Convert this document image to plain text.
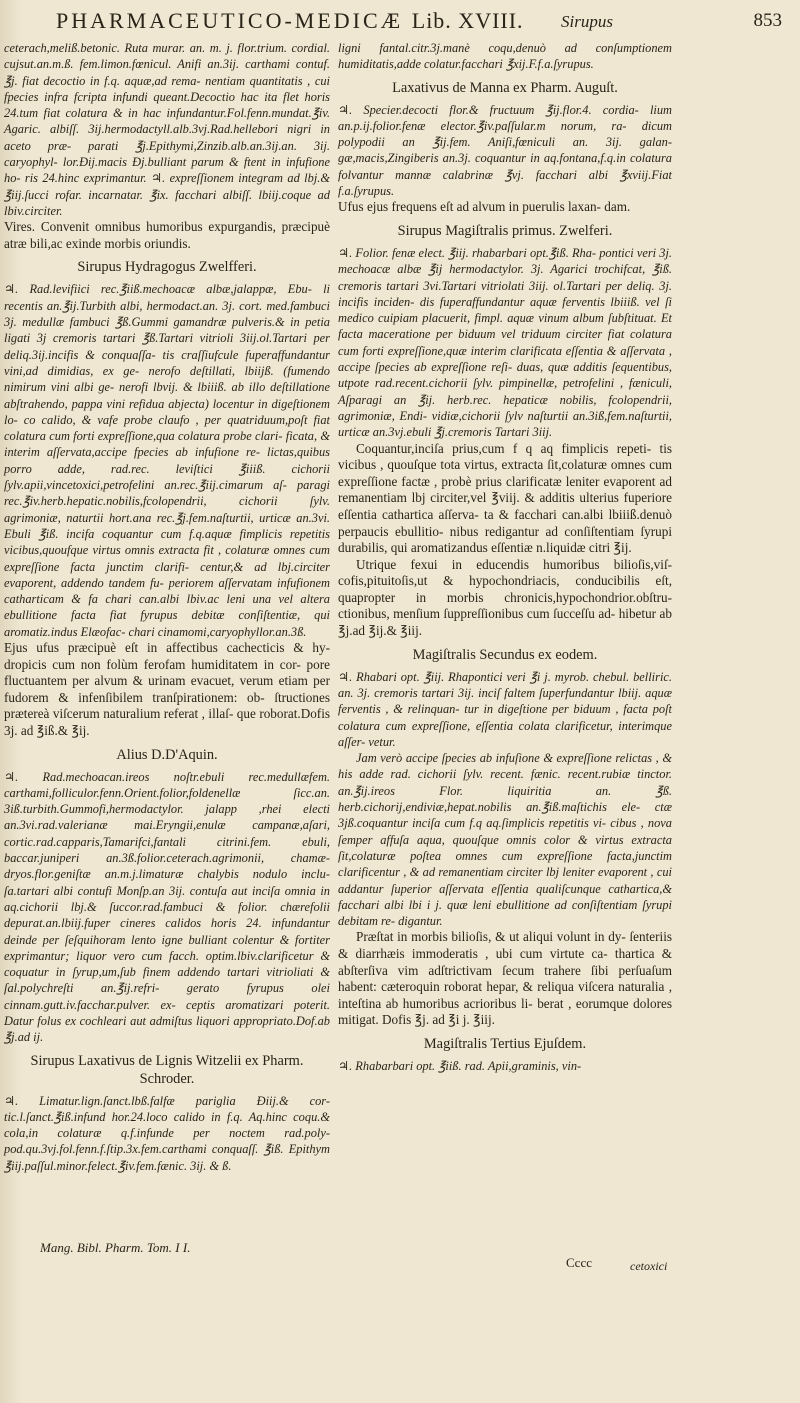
PHARMACEUTICO-MEDICÆ Lib. XVIII. Sirupus	853

ceterach,meliß.betonic. Ruta murar. an. m. j. flor.trium. cordial. cujsut.an.m.ß. fem.limon.fœnicul. Anifi an.3ij. carthami contuf. ℥j. fiat decoctio in f.q. aquæ,ad rema- nentiam quantitatis , cui fpecies infra fcripta infundi queant.Decoctio hac ita flet horis 24.tum fiat colatura & in hac infundantur.Fol.fenn.mundat.℥iv. Agaric. albiſſ. 3ij.hermodactyll.alb.3vj.Rad.hellebori nigri in aceto præ- parati ℥j.Epithymi,Zinzib.alb.an.3ij.an. 3ij. caryophyl- lor.Ðij.macis Ðj.bulliant parum & ftent in infufione ho- ris 24.hinc exprimantur. ♃. expreſſionem integram ad lbj.& ℥iij.ſucci rofar. incarnatar. ℥ix. facchari albiſſ. lbiij.coque ad lbiv.circiter.

Vires. Convenit omnibus humoribus expurgandis, præcipuè atræ bili,ac exinde morbis oriundis.

Sirupus Hydragogus Zwelfferi.

♃. Rad.levifiici rec.℥iiß.mechoacæ albæ,jalappæ, Ebu- li recentis an.℥ij.Turbith albi, hermodact.an. 3j. cort. med.fambuci 3j. medullæ fambuci ℥ß.Gummi gamandræ pulveris.& in petia ligati 3j cremoris tartari ℥ß.Tartari vitrioli 3iij.ol.Tartari per deliq.3ij.incifis & conquaſſa- tis craſſiufcule fuperaffundantur vini,ad dimidias, ex ge- nerofo deſtillati, lbiijß. (fumendo nimirum vini albi ge- nerofi lbvij. & lbiiiß. ab illo deſtillatione abſtrahendo, pappa vini refidua abjecta) locentur in digeſtionem lo- co calido, & vafe probe claufo , per quatriduum,poſt fiat colatura cum forti expreſſione,qua colatura probe clari- ficata, & interim aſſervata,accipe fpecies ab infufione re- lictas,quibus porro adde, rad.rec. leviſtici ℥iiiß. cichorii ſylv.apii,vincetoxici,petrofelini an.rec.℥iij.cimarum aſ- paragi rec.℥iv.herb.hepatic.nobilis,fcolopendrii, cichorii ſylv. agrimoniæ, naturtii hort.ana rec.℥j.fem.naſturtii, urticæ an.3vi. Ebuli ℥iß. incifa coquantur cum f.q.aquæ fimplicis repetitis vicibus,quoufque virtus omnis extracta fit , colaturæ omnes cum expreſſione facta junctim clarifi- centur,& ad lbj.circiter evaporent, addendo tandem fu- periorem aſſervatam infufionem catharticam & fa chari can.albi lbiv.ac leni una vel altera ebullitione facta fiat fyrupus debitæ conſiſtentiæ, qui aromatiz.indus Elæofac- chari cinamomi,caryophyllor.an.3ß.

Ejus ufus præcipuè eſt in affectibus cachecticis & hy- dropicis cum non folùm ferofam humiditatem in cor- pore fluctuantem per alvum & urinam evacuet, verum etiam per fudorem & infenſibilem tranſpirationem: ob- ſtructiones prætereà viſcerum naturalium referat , illaſ- que roborat.Dofis 3j. ad ℥iß.& ℥ij.

Alius D.D'Aquin.

♃. Rad.mechoacan.ireos noſtr.ebuli rec.medullæfem. carthami,folliculor.fenn.Orient.folior,foldenellæ ſicc.an. 3iß.turbith.Gummofi,hermodactylor. jalapp ,rhei electi an.3vi.rad.valerianæ mai.Eryngii,enulæ campanæ,aſari, cortic.rad.capparis,Tamarifci,fantali citrini.fem. ebuli, baccar.juniperi an.3ß.folior.ceterach.agrimonii, chamæ- dryos.flor.geniſtæ an.m.j.limaturæ chalybis nodulo inclu- ſa.tartari albi contufi Monſp.an 3ij. contuſa aut inciſa omnia in aq.cichorii lbj.& ſuccor.rad.fambuci & folior. chærefolii depurat.an.lbiij.fuper cineres calidos horis 24. infundantur deinde per ſeſquihoram lento igne bulliant colentur & fortiter exprimantur; liquor vero cum facch. optim.lbiv.clarificetur & coquatur in ſyrup,um,ſub finem addendo tartari vitrioliati & ſal.polychreſti an.℥ij.refri- gerato fyrupus olei cinnam.gutt.iv.facchar.pulver. ex- ceptis aromatizari poterit. Datur folus ex cochleari aut admiſtus liquori appropriato.Dof.ab ℥j.ad ij.

Sirupus Laxativus de Lignis Witzelii ex Pharm. Schroder.

♃. Limatur.lign.ſanct.lbß.falfæ pariglia Ðiij.& cor- tic.l.ſanct.℥iß.infund hor.24.loco calido in f.q. Aq.hinc coqu.& cola,in colaturæ q.f.infunde per noctem rad.poly- pod.qu.3vj.fol.fenn.f.ſtip.3x.fem.carthami conquaſſ. ℥iß. Epithym ℥iij.paſſul.minor.felect.℥iv.fem.fænic. 3ij. & ß.

ligni fantal.citr.3j.manè coqu,denuò ad conſumptionem humiditatis,adde colatur.facchari ℥xij.F.f.a.ſyrupus.

Laxativus de Manna ex Pharm. Auguſt.

♃. Specier.decocti flor.& fructuum ℥ij.flor.4. cordia- lium an.p.ij.folior.fenæ elector.℥iv.paſſular.m norum, ra- dicum polypodii an ℥ij.fem. Aniſi,fœniculi an. 3ij. galan- gæ,macis,Zingiberis an.3j. coquantur in aq.fontana,f.q.in colatura folvantur mannæ calabrinæ ℥vj. facchari albi ℥xviij.Fiat f.a.ſyrupus.

Ufus ejus frequens eſt ad alvum in puerulis laxan- dam.

Sirupus Magiſtralis primus. Zwelferi.

♃. Folior. fenæ elect. ℥iij. rhabarbari opt.℥iß. Rha- pontici veri 3j. mechoacæ albæ ℥ij hermodactylor. 3j. Agarici trochifcat, ℥iß. cremoris tartari 3vi.Tartari vitriolati 3iij. ol.Tartari per deliq. 3j. incifis inciden- dis fuperaffundantur aquæ ferventis lbiiiß. vel ſi medico cuipiam placuerit, fimpl. aquæ vinum album ſubſtituat. Et facta maceratione per biduum vel triduum circiter fiat colatura cum forti expreſſione,quæ interim clarificata eſſentia & aſſervata , accipe ſpecies ab expreſſione reſi- duas, quæ additis ſequentibus, utpote rad.recent.cichorii ſylv. pimpinellæ, petrofelini , fæniculi, Aſparagi an ℥ij. herb.rec. hepaticæ nobilis, fcolopendrii, agrimoniæ, Endi- vidiæ,cichorii ſylv naſturtii an.3iß,fem.naſturtii, urticæ an.3vj.ebuli ℥j.cremoris Tartari 3iij.

Coquantur,inciſa prius,cum f q aq fimplicis repeti- tis vicibus , quouſque tota virtus, extracta ſit,colaturæ omnes cum expreſſione factæ , probè prius clarificatæ leniter evaporent ad remanentiam lbj circiter,vel ℥viij. & additis ulterius fuperiore eſſentia cathartica aſſerva- ta & facchari can.albi lbiiiß.denuò perpaucis ebullitio- nibus redigantur ad conſiſtentiam ſyrupi durabilis, qui aromatizandus eſſentiæ n.liquidæ citri ℥ij.

Utrique fexui in educendis humoribus bilioſis,viſ- cofis,pituitoſis,ut & hypochondriacis, conducibilis eſt, quapropter in morbis chronicis,hypochondrior.obſtru- ctionibus, menſium ſuppreſſionibus cum ſucceſſu ad- hibetur ab ℥j.ad ℥ij.& ℥iij.

Magiſtralis Secundus ex eodem.

♃. Rhabari opt. ℥iij. Rhapontici veri ℥i j. myrob. chebul. belliric. an. 3j. cremoris tartari 3ij. inciſ faltem ſuperfundantur lbiij. aquæ ferventis , & relinquan- tur in digeſtione per biduum , facta poſt colatura cum expreſſione, eſſentia colata clarificetur, interimque aſſer- vetur.

Jam verò accipe ſpecies ab infuſione & expreſſione relictas , & his adde rad. cichorii ſylv. recent. fænic. recent.rubiæ tinctor. an.℥ij.ireos Flor. liquiritia an. ℥ß. herb.cichorij,endiviæ,hepat.nobilis an.℥iß.maſtichis ele- ctæ 3jß.coquantur inciſa cum f.q aq.ſimplicis repetitis vi- cibus , nova ſemper affuſa aqua, quouſque omnis color & virtus extracta ſit,colaturæ poſtea omnes cum expreſſione facta,junctim clarificentur , & ad remanentiam circiter lbj leniter evaporent , cui addantur ſuperior aſſervata eſſentia qualiſcunque cathartica,& facchari albi lbi i j. quæ leni ebullitione ad conſiſtentiam ſyrupi debitam re- digantur.

Præſtat in morbis bilioſis, & ut aliqui volunt in dy- ſenteriis & diarrhæis immoderatis , ubi cum virtute ca- thartica & abſterſiva vim adſtrictivam ſecum trahere ſibi perſuaſum habent: cæteroquin roborat hepar, & reliqua viſcera naturalia , inteſtina ab humoribus acrioribus li- berat , eorumque dolores mitigat. Dofis ℥j. ad ℥i j. ℥iij.

Magiſtralis Tertius Ejuſdem.

♃. Rhabarbari opt. ℥iiß. rad. Apii,graminis, vin-

Mang. Bibl. Pharm. Tom. I I.
Cccc	cetoxici
